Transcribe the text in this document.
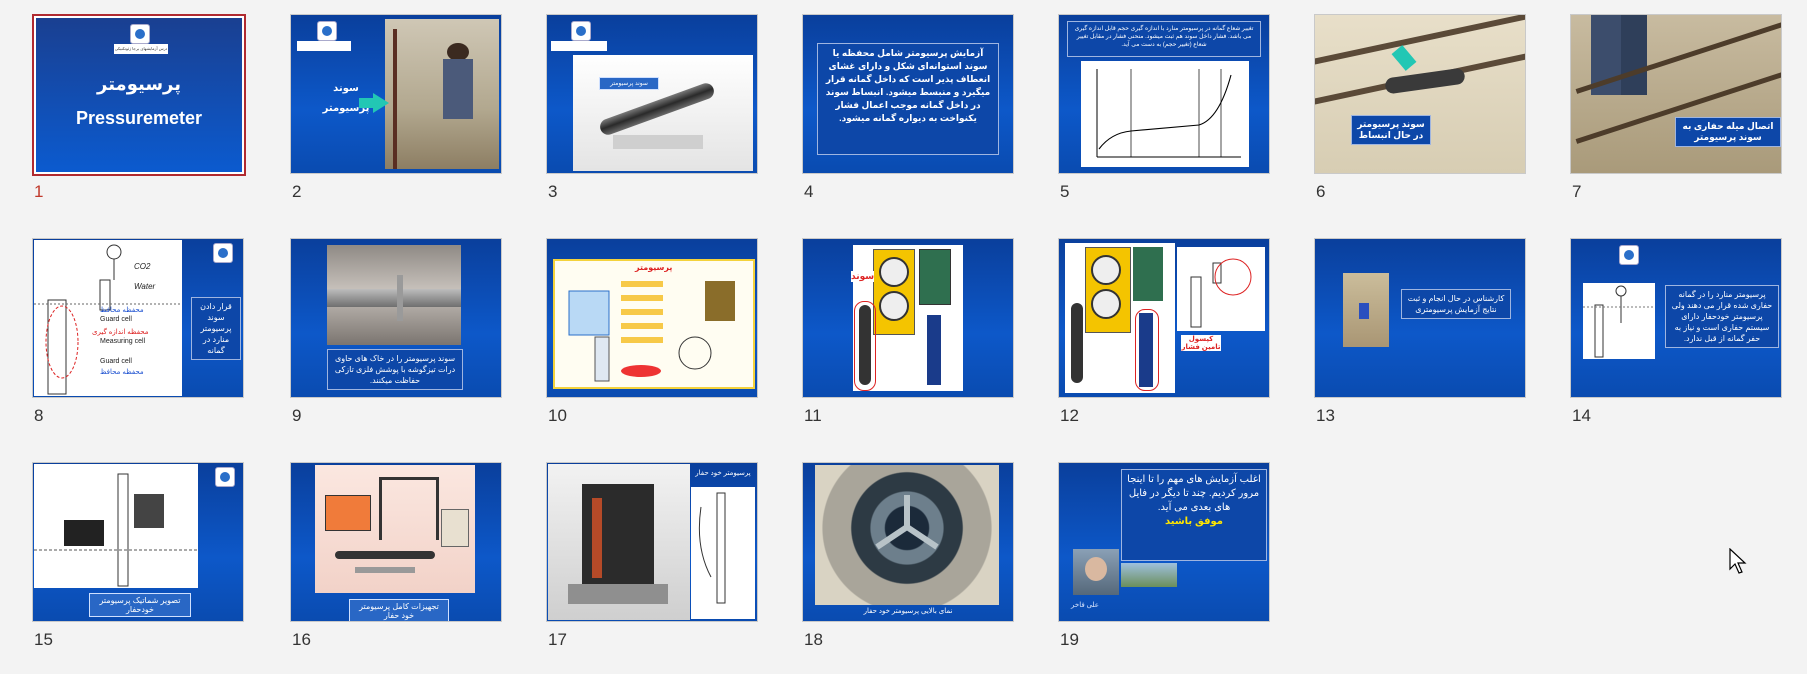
درس آزمایشهای برجا ژئوتکنیکی
پرسیومتر
Pressuremeter
1
سوند
پرسیومتر
2
سوند پرسیومتر
3
آزمایش پرسیومتر شامل محفظه یا سوند استوانه‌ای شکل و دارای غشای انعطاف پذیر است که داخل گمانه قرار میگیرد و منبسط میشود. انبساط سوند در داخل گمانه موجب اعمال فشار یکنواخت به دیواره گمانه میشود.
4
تغییر شعاع گمانه در پرسیومتر منارد با اندازه گیری حجم قابل اندازه گیری می باشد. فشار داخل سوند هم ثبت میشود. منحنی فشار در مقابل تغییر شعاع (تغییر حجم) به دست می آید.
5
سوند پرسیومتر در حال انبساط
6
اتصال میله حفاری به سوند پرسیومتر
7
CO2
Water
محفظه محافظ
Guard cell
محفظه اندازه گیری
Measuring cell
Guard cell
محفظه محافظ
قرار دادن سوند پرسیومتر منارد در گمانه
8
سوند پرسیومتر را در خاک های حاوی درات تیزگوشه با پوشش فلزی تازکی حفاظت میکنند.
9
پرسیومتر
10
سوند
11
کپسول تامین فشار
12
کارشناس در حال انجام و ثبت نتایج آزمایش پرسیومتری
13
پرسیومتر منارد را در گمانه حفاری شده قرار می دهند ولی پرسیومتر خودحفار دارای سیستم حفاری است و نیاز به حفر گمانه از قبل ندارد.
14
تصویر شماتیک پرسیومتر خودحفار
15
تجهیزات کامل پرسیومتر خود حفار
16
پرسیومتر خود حفار
17
نمای بالایی پرسیومتر خود حفار
18
اغلب آزمایش های مهم را تا اینجا مرور کردیم. چند تا دیگر در فایل های بعدی می آید.
موفق باشید
علی فاخر
19
